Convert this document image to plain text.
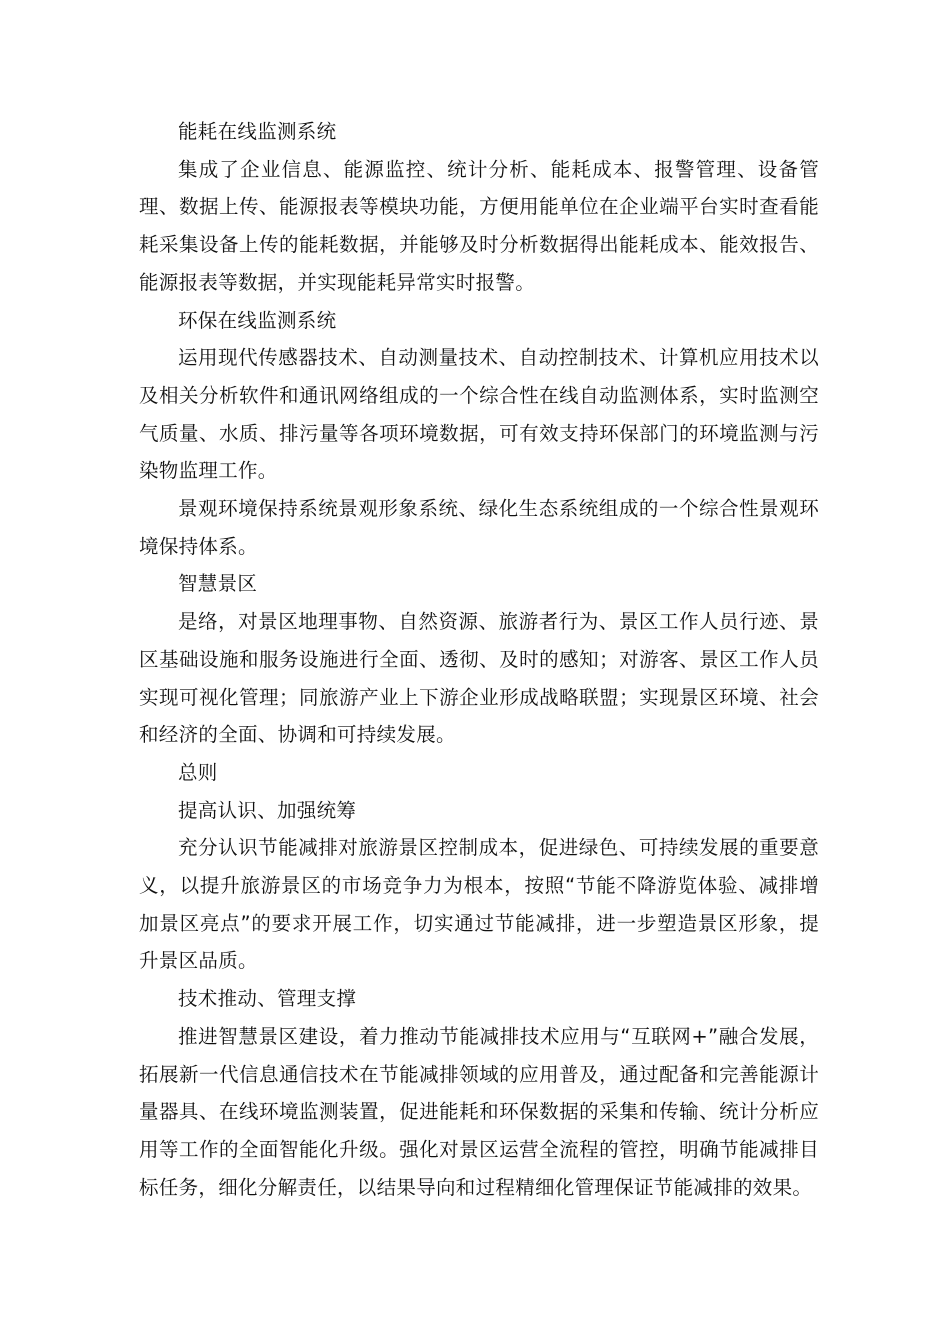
能耗在线监测系统

集成了企业信息、能源监控、统计分析、能耗成本、报警管理、设备管理、数据上传、能源报表等模块功能，方便用能单位在企业端平台实时查看能耗采集设备上传的能耗数据，并能够及时分析数据得出能耗成本、能效报告、能源报表等数据，并实现能耗异常实时报警。

环保在线监测系统

运用现代传感器技术、自动测量技术、自动控制技术、计算机应用技术以及相关分析软件和通讯网络组成的一个综合性在线自动监测体系，实时监测空气质量、水质、排污量等各项环境数据，可有效支持环保部门的环境监测与污染物监理工作。

景观环境保持系统景观形象系统、绿化生态系统组成的一个综合性景观环境保持体系。

智慧景区

是络，对景区地理事物、自然资源、旅游者行为、景区工作人员行迹、景区基础设施和服务设施进行全面、透彻、及时的感知；对游客、景区工作人员实现可视化管理；同旅游产业上下游企业形成战略联盟；实现景区环境、社会和经济的全面、协调和可持续发展。

总则

提高认识、加强统筹

充分认识节能减排对旅游景区控制成本，促进绿色、可持续发展的重要意义，以提升旅游景区的市场竞争力为根本，按照“节能不降游览体验、减排增加景区亮点”的要求开展工作，切实通过节能减排，进一步塑造景区形象，提升景区品质。

技术推动、管理支撑

推进智慧景区建设，着力推动节能减排技术应用与“互联网+”融合发展，拓展新一代信息通信技术在节能减排领域的应用普及，通过配备和完善能源计量器具、在线环境监测装置，促进能耗和环保数据的采集和传输、统计分析应用等工作的全面智能化升级。强化对景区运营全流程的管控，明确节能减排目标任务，细化分解责任，以结果导向和过程精细化管理保证节能减排的效果。
